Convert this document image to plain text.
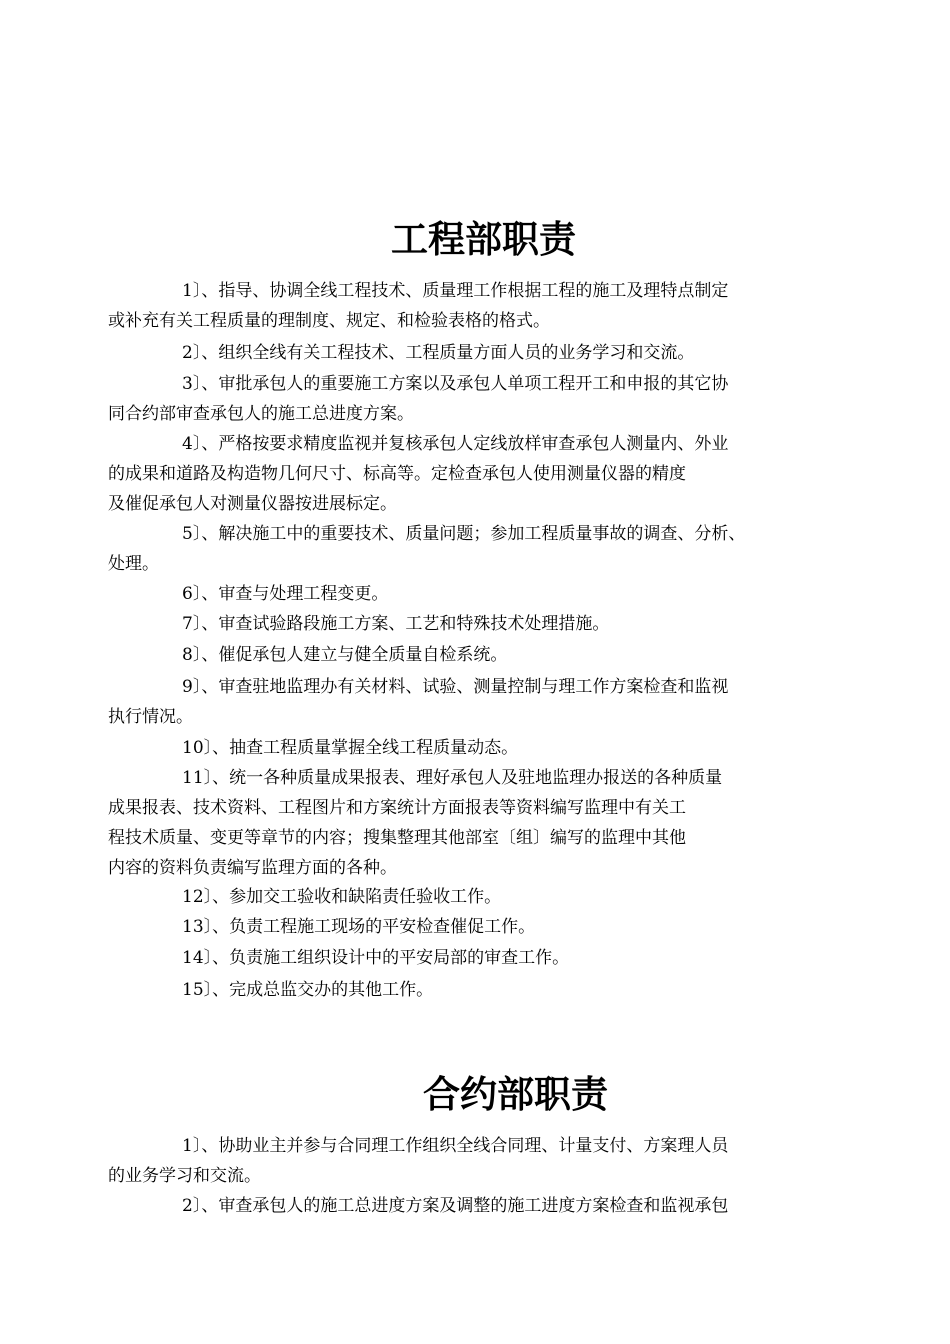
工程部职责

1〕、指导、协调全线工程技术、质量理工作根据工程的施工及理特点制定
或补充有关工程质量的理制度、规定、和检验表格的格式。

2〕、组织全线有关工程技术、工程质量方面人员的业务学习和交流。

3〕、审批承包人的重要施工方案以及承包人单项工程开工和申报的其它协
同合约部审查承包人的施工总进度方案。

4〕、严格按要求精度监视并复核承包人定线放样审查承包人测量内、外业
的成果和道路及构造物几何尺寸、标高等。定检查承包人使用测量仪器的精度
及催促承包人对测量仪器按进展标定。

5〕、解决施工中的重要技术、质量问题；参加工程质量事故的调查、分析、
处理。

6〕、审查与处理工程变更。

7〕、审查试验路段施工方案、工艺和特殊技术处理措施。

8〕、催促承包人建立与健全质量自检系统。

9〕、审查驻地监理办有关材料、试验、测量控制与理工作方案检查和监视
执行情况。

10〕、抽查工程质量掌握全线工程质量动态。

11〕、统一各种质量成果报表、理好承包人及驻地监理办报送的各种质量
成果报表、技术资料、工程图片和方案统计方面报表等资料编写监理中有关工
程技术质量、变更等章节的内容；搜集整理其他部室〔组〕编写的监理中其他
内容的资料负责编写监理方面的各种。

12〕、参加交工验收和缺陷责任验收工作。

13〕、负责工程施工现场的平安检查催促工作。

14〕、负责施工组织设计中的平安局部的审查工作。

15〕、完成总监交办的其他工作。

合约部职责

1〕、协助业主并参与合同理工作组织全线合同理、计量支付、方案理人员
的业务学习和交流。

2〕、审查承包人的施工总进度方案及调整的施工进度方案检查和监视承包
